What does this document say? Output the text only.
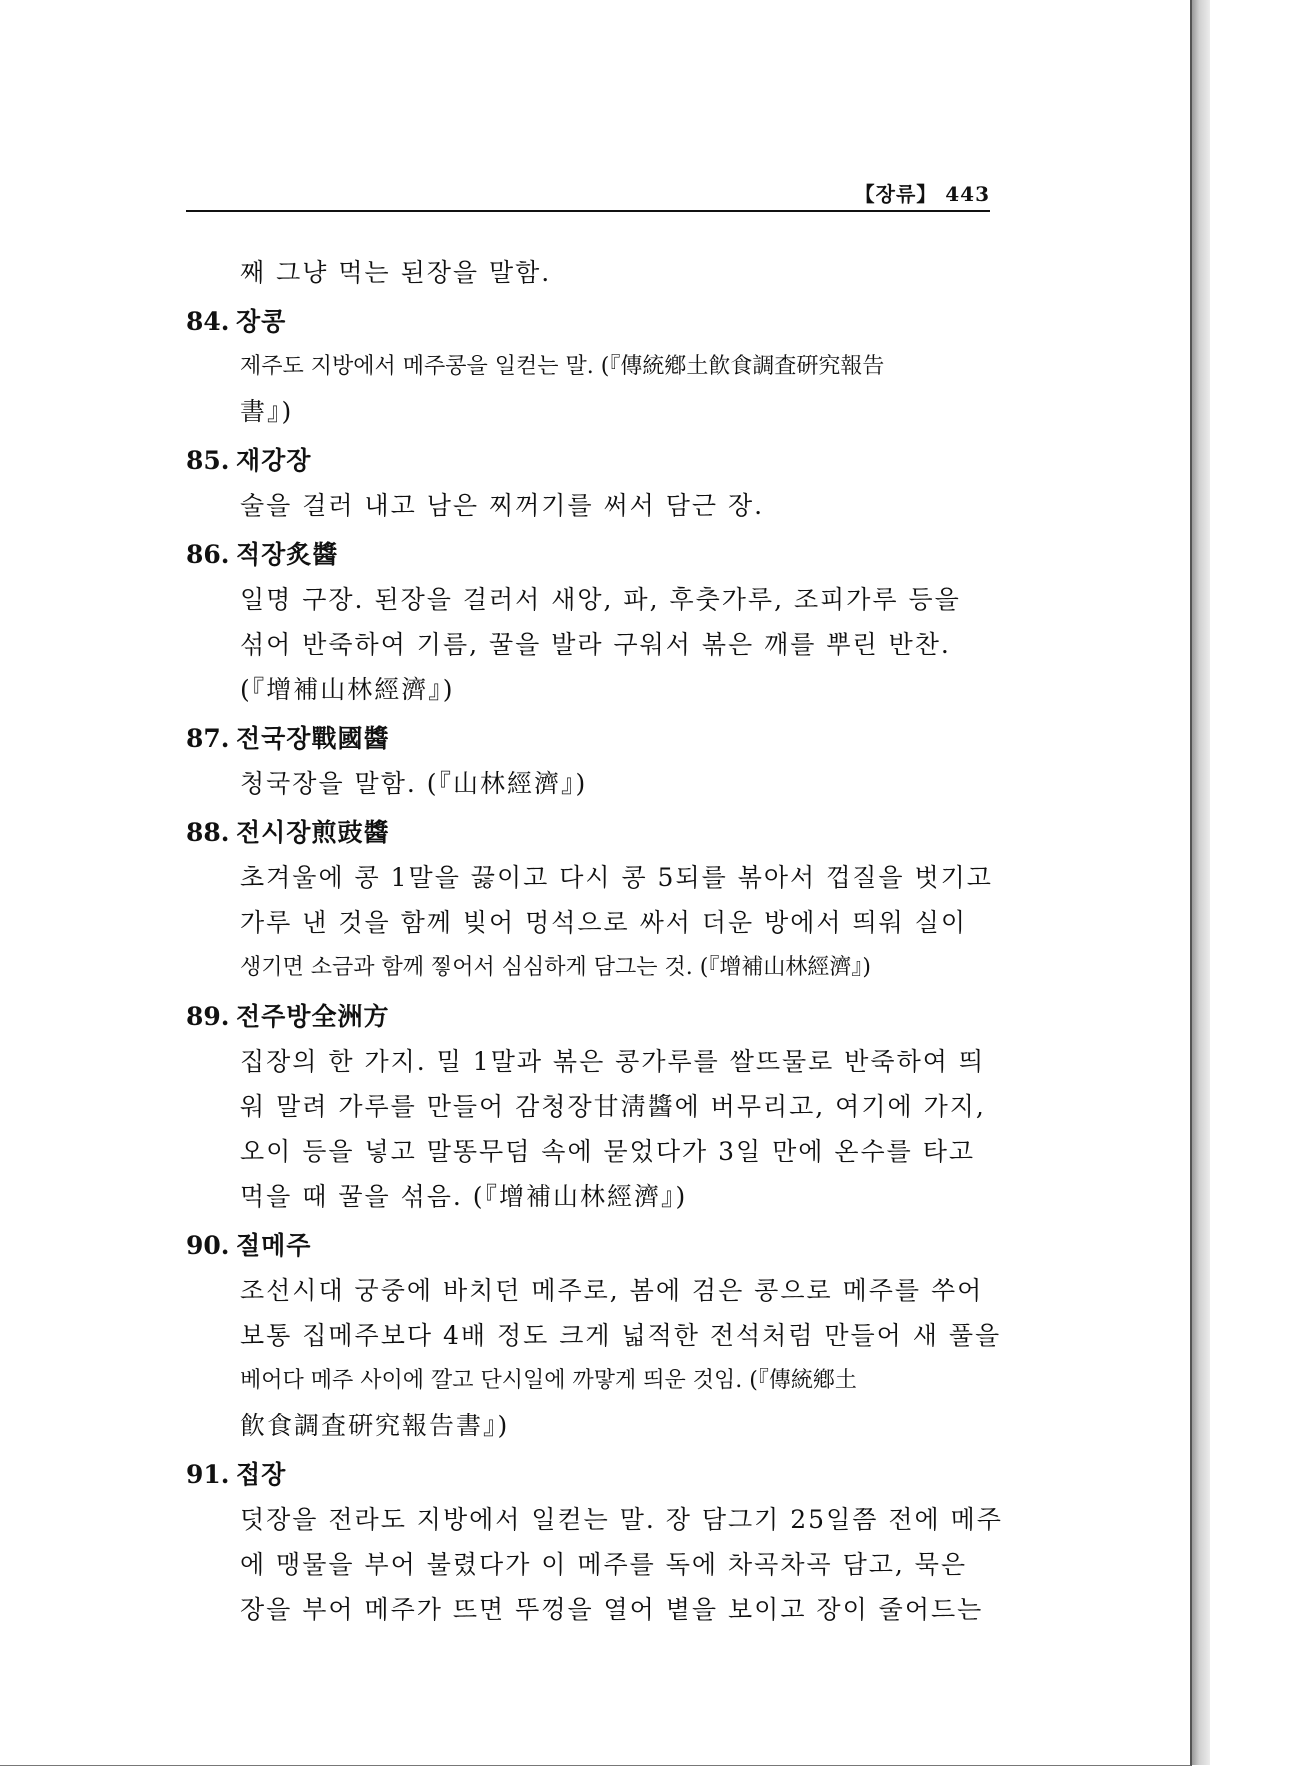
【장류】 443
째 그냥 먹는 된장을 말함.
84. 장콩
제주도 지방에서 메주콩을 일컫는 말. (『傳統鄕土飮食調査硏究報告
書』)
85. 재강장
술을 걸러 내고 남은 찌꺼기를 써서 담근 장.
86. 적장炙醬
일명 구장. 된장을 걸러서 새앙, 파, 후춧가루, 조피가루 등을
섞어 반죽하여 기름, 꿀을 발라 구워서 볶은 깨를 뿌린 반찬.
(『增補山林經濟』)
87. 전국장戰國醬
청국장을 말함. (『山林經濟』)
88. 전시장煎豉醬
초겨울에 콩 1말을 끓이고 다시 콩 5되를 볶아서 껍질을 벗기고
가루 낸 것을 함께 빚어 멍석으로 싸서 더운 방에서 띄워 실이
생기면 소금과 함께 찧어서 심심하게 담그는 것. (『增補山林經濟』)
89. 전주방全洲方
집장의 한 가지. 밀 1말과 볶은 콩가루를 쌀뜨물로 반죽하여 띄
워 말려 가루를 만들어 감청장甘淸醬에 버무리고, 여기에 가지,
오이 등을 넣고 말똥무덤 속에 묻었다가 3일 만에 온수를 타고
먹을 때 꿀을 섞음. (『增補山林經濟』)
90. 절메주
조선시대 궁중에 바치던 메주로, 봄에 검은 콩으로 메주를 쑤어
보통 집메주보다 4배 정도 크게 넓적한 전석처럼 만들어 새 풀을
베어다 메주 사이에 깔고 단시일에 까맣게 띄운 것임. (『傳統鄕土
飮食調査硏究報告書』)
91. 접장
덧장을 전라도 지방에서 일컫는 말. 장 담그기 25일쯤 전에 메주
에 맹물을 부어 불렸다가 이 메주를 독에 차곡차곡 담고, 묵은
장을 부어 메주가 뜨면 뚜껑을 열어 볕을 보이고 장이 줄어드는
